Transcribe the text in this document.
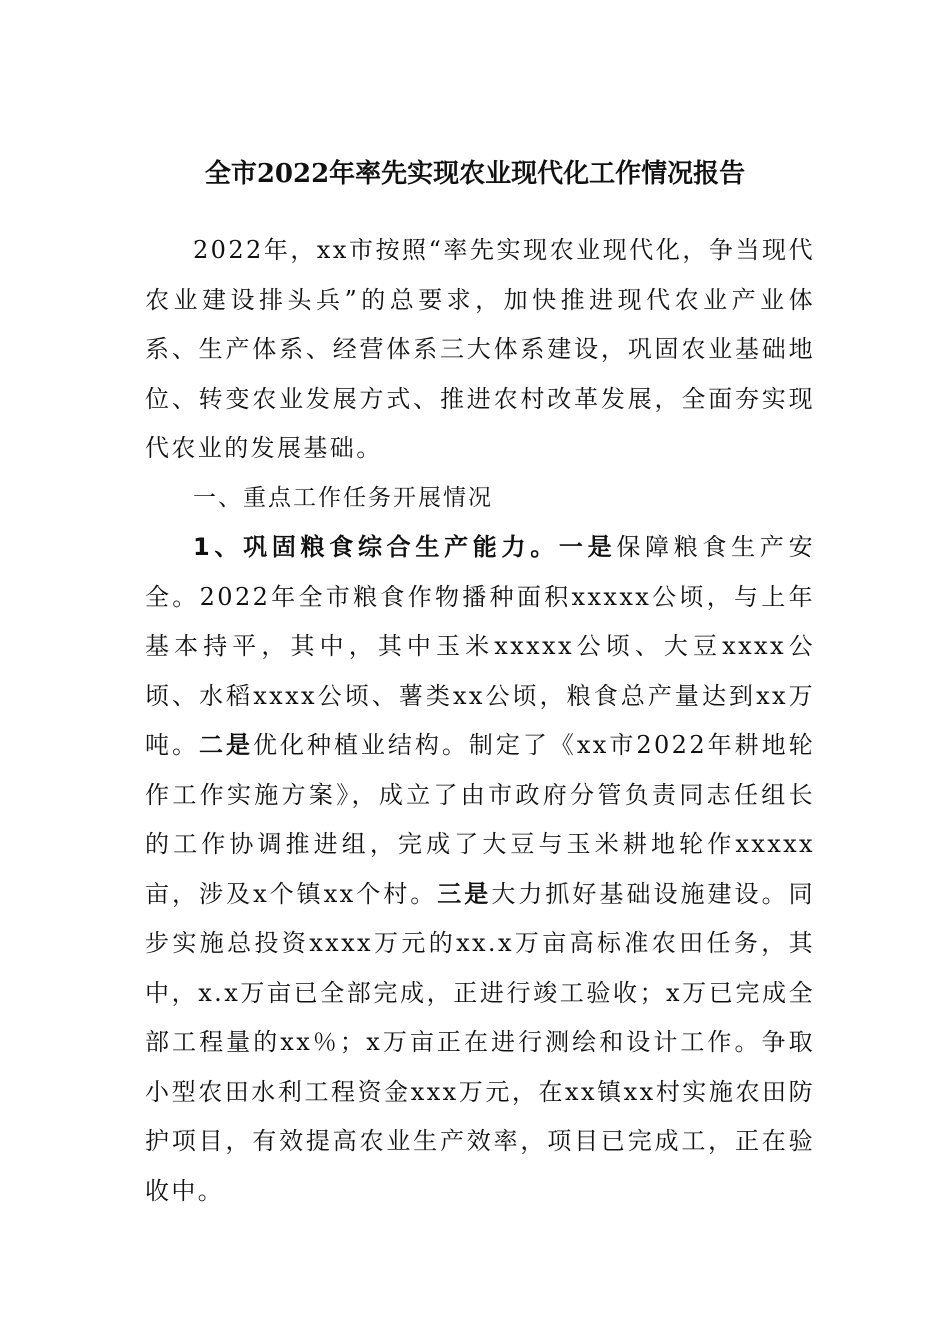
全市2022年率先实现农业现代化工作情况报告

2022年，xx市按照“率先实现农业现代化，争当现代农业建设排头兵”的总要求，加快推进现代农业产业体系、生产体系、经营体系三大体系建设，巩固农业基础地位、转变农业发展方式、推进农村改革发展，全面夯实现代农业的发展基础。

一、重点工作任务开展情况

1、巩固粮食综合生产能力。一是保障粮食生产安全。2022年全市粮食作物播种面积xxxxx公顷，与上年基本持平，其中，其中玉米xxxxx公顷、大豆xxxx公顷、水稻xxxx公顷、薯类xx公顷，粮食总产量达到xx万吨。二是优化种植业结构。制定了《xx市2022年耕地轮作工作实施方案》，成立了由市政府分管负责同志任组长的工作协调推进组，完成了大豆与玉米耕地轮作xxxxx亩，涉及x个镇xx个村。三是大力抓好基础设施建设。同步实施总投资xxxx万元的xx.x万亩高标准农田任务，其中，x.x万亩已全部完成，正进行竣工验收；x万已完成全部工程量的xx％；x万亩正在进行测绘和设计工作。争取小型农田水利工程资金xxx万元，在xx镇xx村实施农田防护项目，有效提高农业生产效率，项目已完成工，正在验收中。
